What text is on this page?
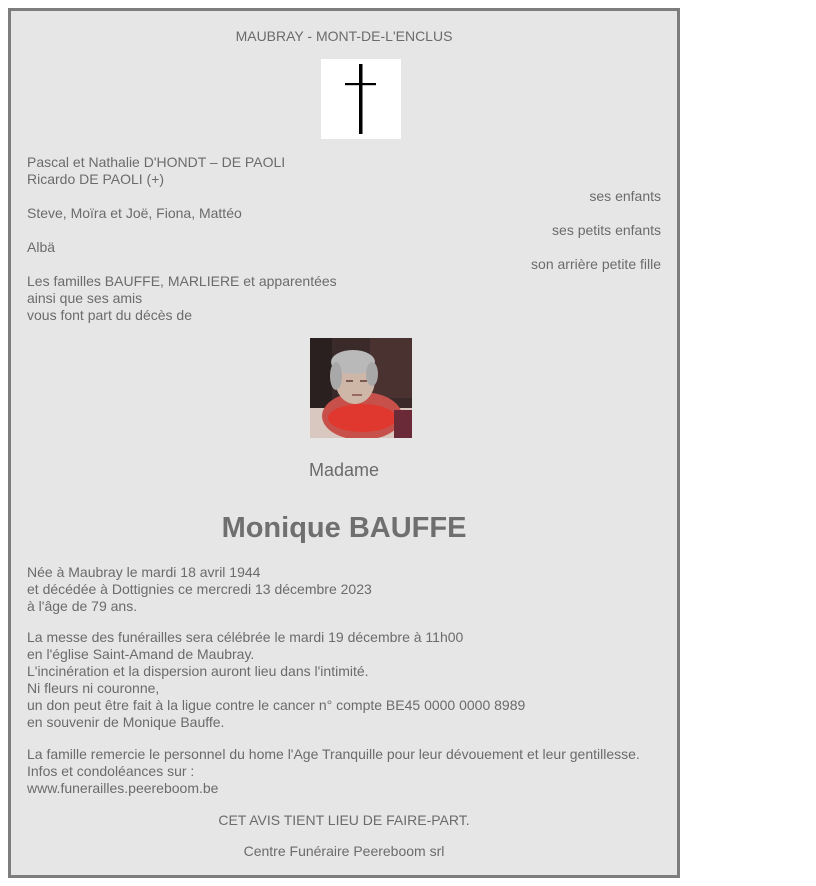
MAUBRAY - MONT-DE-L'ENCLUS
Pascal et Nathalie D'HONDT – DE PAOLI
Ricardo DE PAOLI (+)
ses enfants
Steve, Moïra et Joë, Fiona, Mattéo
ses petits enfants
Albä
son arrière petite fille
Les familles BAUFFE, MARLIERE et apparentées
ainsi que ses amis
vous font part du décès de
Madame
Monique BAUFFE
Née à Maubray le mardi 18 avril 1944
et décédée à Dottignies ce mercredi 13 décembre 2023
à l'âge de 79 ans.
La messe des funérailles sera célébrée le mardi 19 décembre à 11h00
en l'église Saint-Amand de Maubray.
L'incinération et la dispersion auront lieu dans l'intimité.
Ni fleurs ni couronne,
un don peut être fait à la ligue contre le cancer n° compte BE45 0000 0000 8989
en souvenir de Monique Bauffe.
La famille remercie le personnel du home l'Age Tranquille pour leur dévouement et leur gentillesse.
Infos et condoléances sur :
www.funerailles.peereboom.be
CET AVIS TIENT LIEU DE FAIRE-PART.
Centre Funéraire Peereboom srl
